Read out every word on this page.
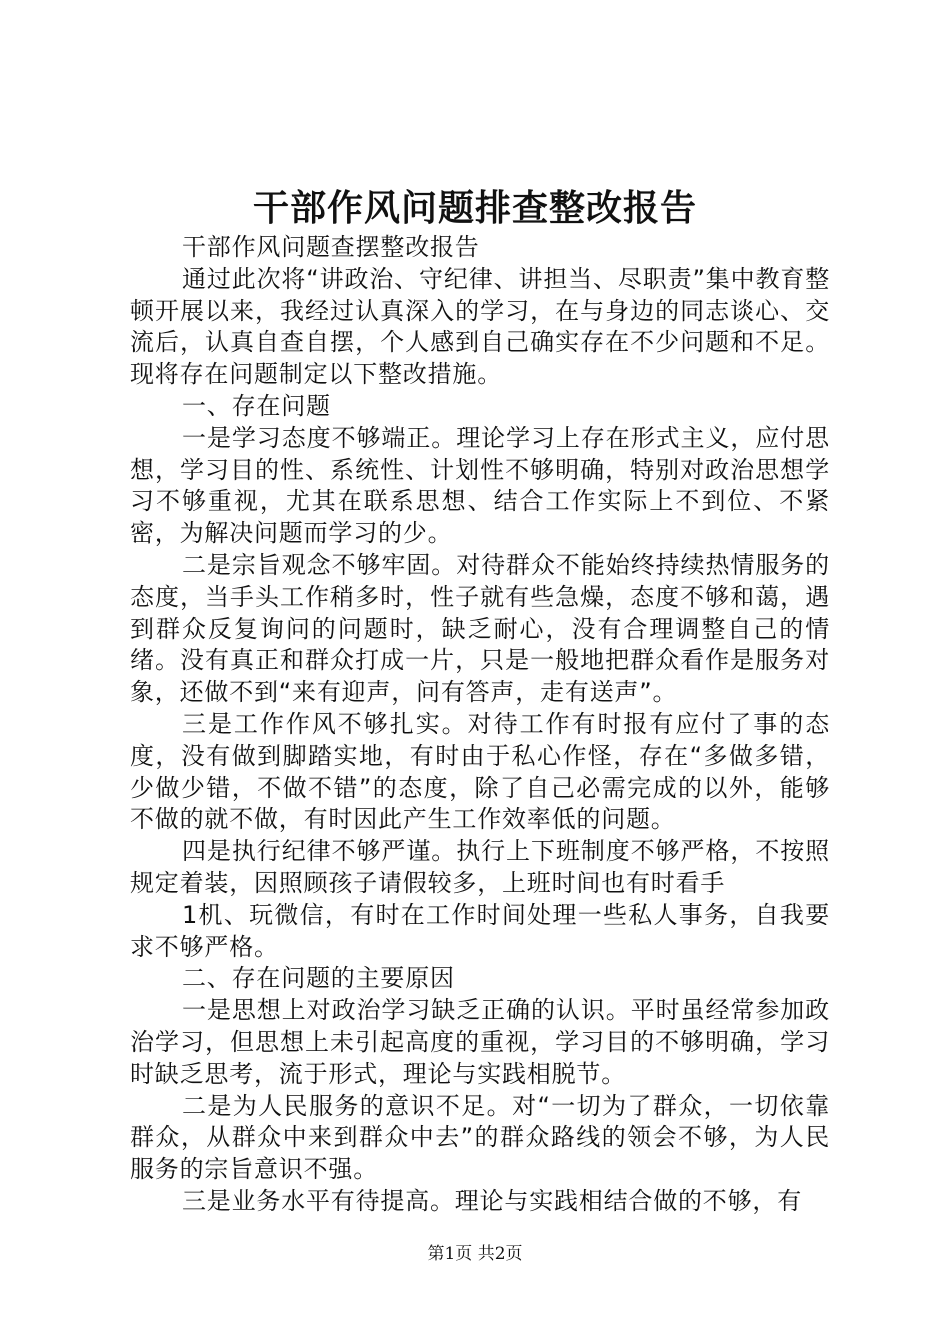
干部作风问题排查整改报告

干部作风问题查摆整改报告

通过此次将“讲政治、守纪律、讲担当、尽职责”集中教育整顿开展以来，我经过认真深入的学习，在与身边的同志谈心、交流后，认真自查自摆，个人感到自己确实存在不少问题和不足。现将存在问题制定以下整改措施。

一、存在问题

一是学习态度不够端正。理论学习上存在形式主义，应付思想，学习目的性、系统性、计划性不够明确，特别对政治思想学习不够重视，尤其在联系思想、结合工作实际上不到位、不紧密，为解决问题而学习的少。

二是宗旨观念不够牢固。对待群众不能始终持续热情服务的态度，当手头工作稍多时，性子就有些急燥，态度不够和蔼，遇到群众反复询问的问题时，缺乏耐心，没有合理调整自己的情绪。没有真正和群众打成一片，只是一般地把群众看作是服务对象，还做不到“来有迎声，问有答声，走有送声”。

三是工作作风不够扎实。对待工作有时报有应付了事的态度，没有做到脚踏实地，有时由于私心作怪，存在“多做多错，少做少错，不做不错”的态度，除了自己必需完成的以外，能够不做的就不做，有时因此产生工作效率低的问题。

四是执行纪律不够严谨。执行上下班制度不够严格，不按照规定着装，因照顾孩子请假较多，上班时间也有时看手

1机、玩微信，有时在工作时间处理一些私人事务，自我要求不够严格。

二、存在问题的主要原因

一是思想上对政治学习缺乏正确的认识。平时虽经常参加政治学习，但思想上未引起高度的重视，学习目的不够明确，学习时缺乏思考，流于形式，理论与实践相脱节。

二是为人民服务的意识不足。对“一切为了群众，一切依靠群众，从群众中来到群众中去”的群众路线的领会不够，为人民服务的宗旨意识不强。

三是业务水平有待提高。理论与实践相结合做的不够，有

第1页 共2页
